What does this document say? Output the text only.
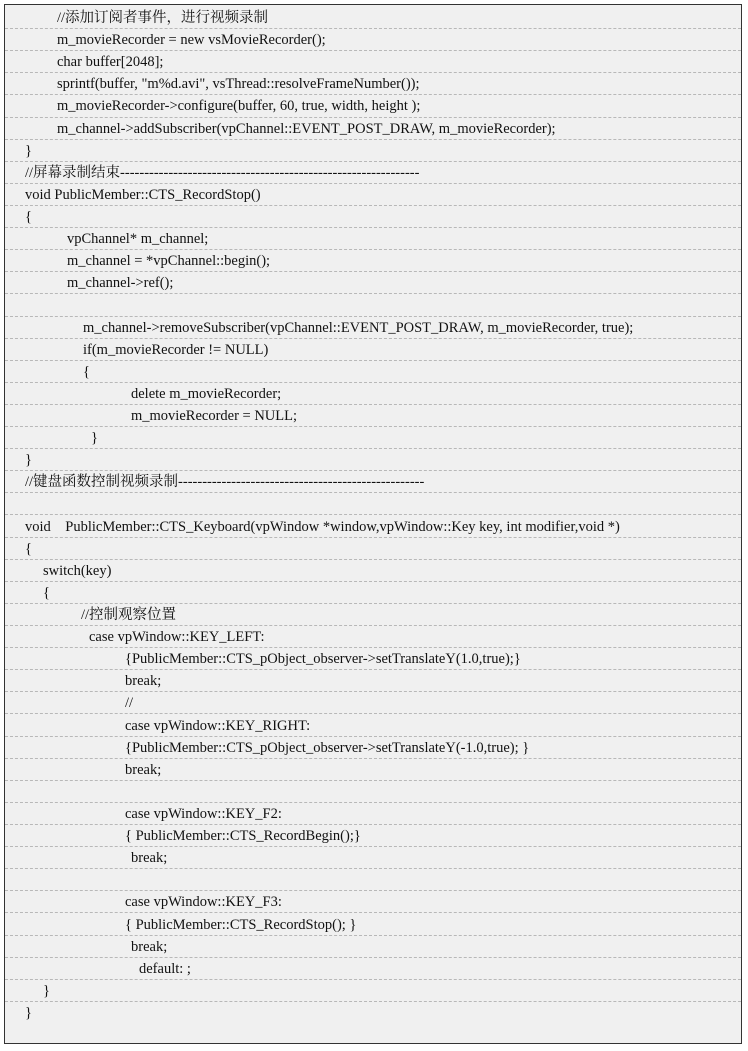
//添加订阅者事件，进行视频录制
m_movieRecorder = new vsMovieRecorder();
char buffer[2048];
sprintf(buffer, "m%d.avi", vsThread::resolveFrameNumber());
m_movieRecorder->configure(buffer, 60, true, width, height );
m_channel->addSubscriber(vpChannel::EVENT_POST_DRAW, m_movieRecorder);
}
//屏幕录制结束--------------------------------------------------------------
void PublicMember::CTS_RecordStop()
{
vpChannel* m_channel;
m_channel = *vpChannel::begin();
m_channel->ref();
m_channel->removeSubscriber(vpChannel::EVENT_POST_DRAW, m_movieRecorder, true);
if(m_movieRecorder != NULL)
{
delete m_movieRecorder;
m_movieRecorder = NULL;
}
}
//键盘函数控制视频录制---------------------------------------------------
void    PublicMember::CTS_Keyboard(vpWindow *window,vpWindow::Key key, int modifier,void *)
{
switch(key)
{
//控制观察位置
case vpWindow::KEY_LEFT:
{PublicMember::CTS_pObject_observer->setTranslateY(1.0,true);}
break;
//
case vpWindow::KEY_RIGHT:
{PublicMember::CTS_pObject_observer->setTranslateY(-1.0,true); }
break;
case vpWindow::KEY_F2:
{ PublicMember::CTS_RecordBegin();}
break;
case vpWindow::KEY_F3:
{ PublicMember::CTS_RecordStop(); }
break;
default: ;
}
}
